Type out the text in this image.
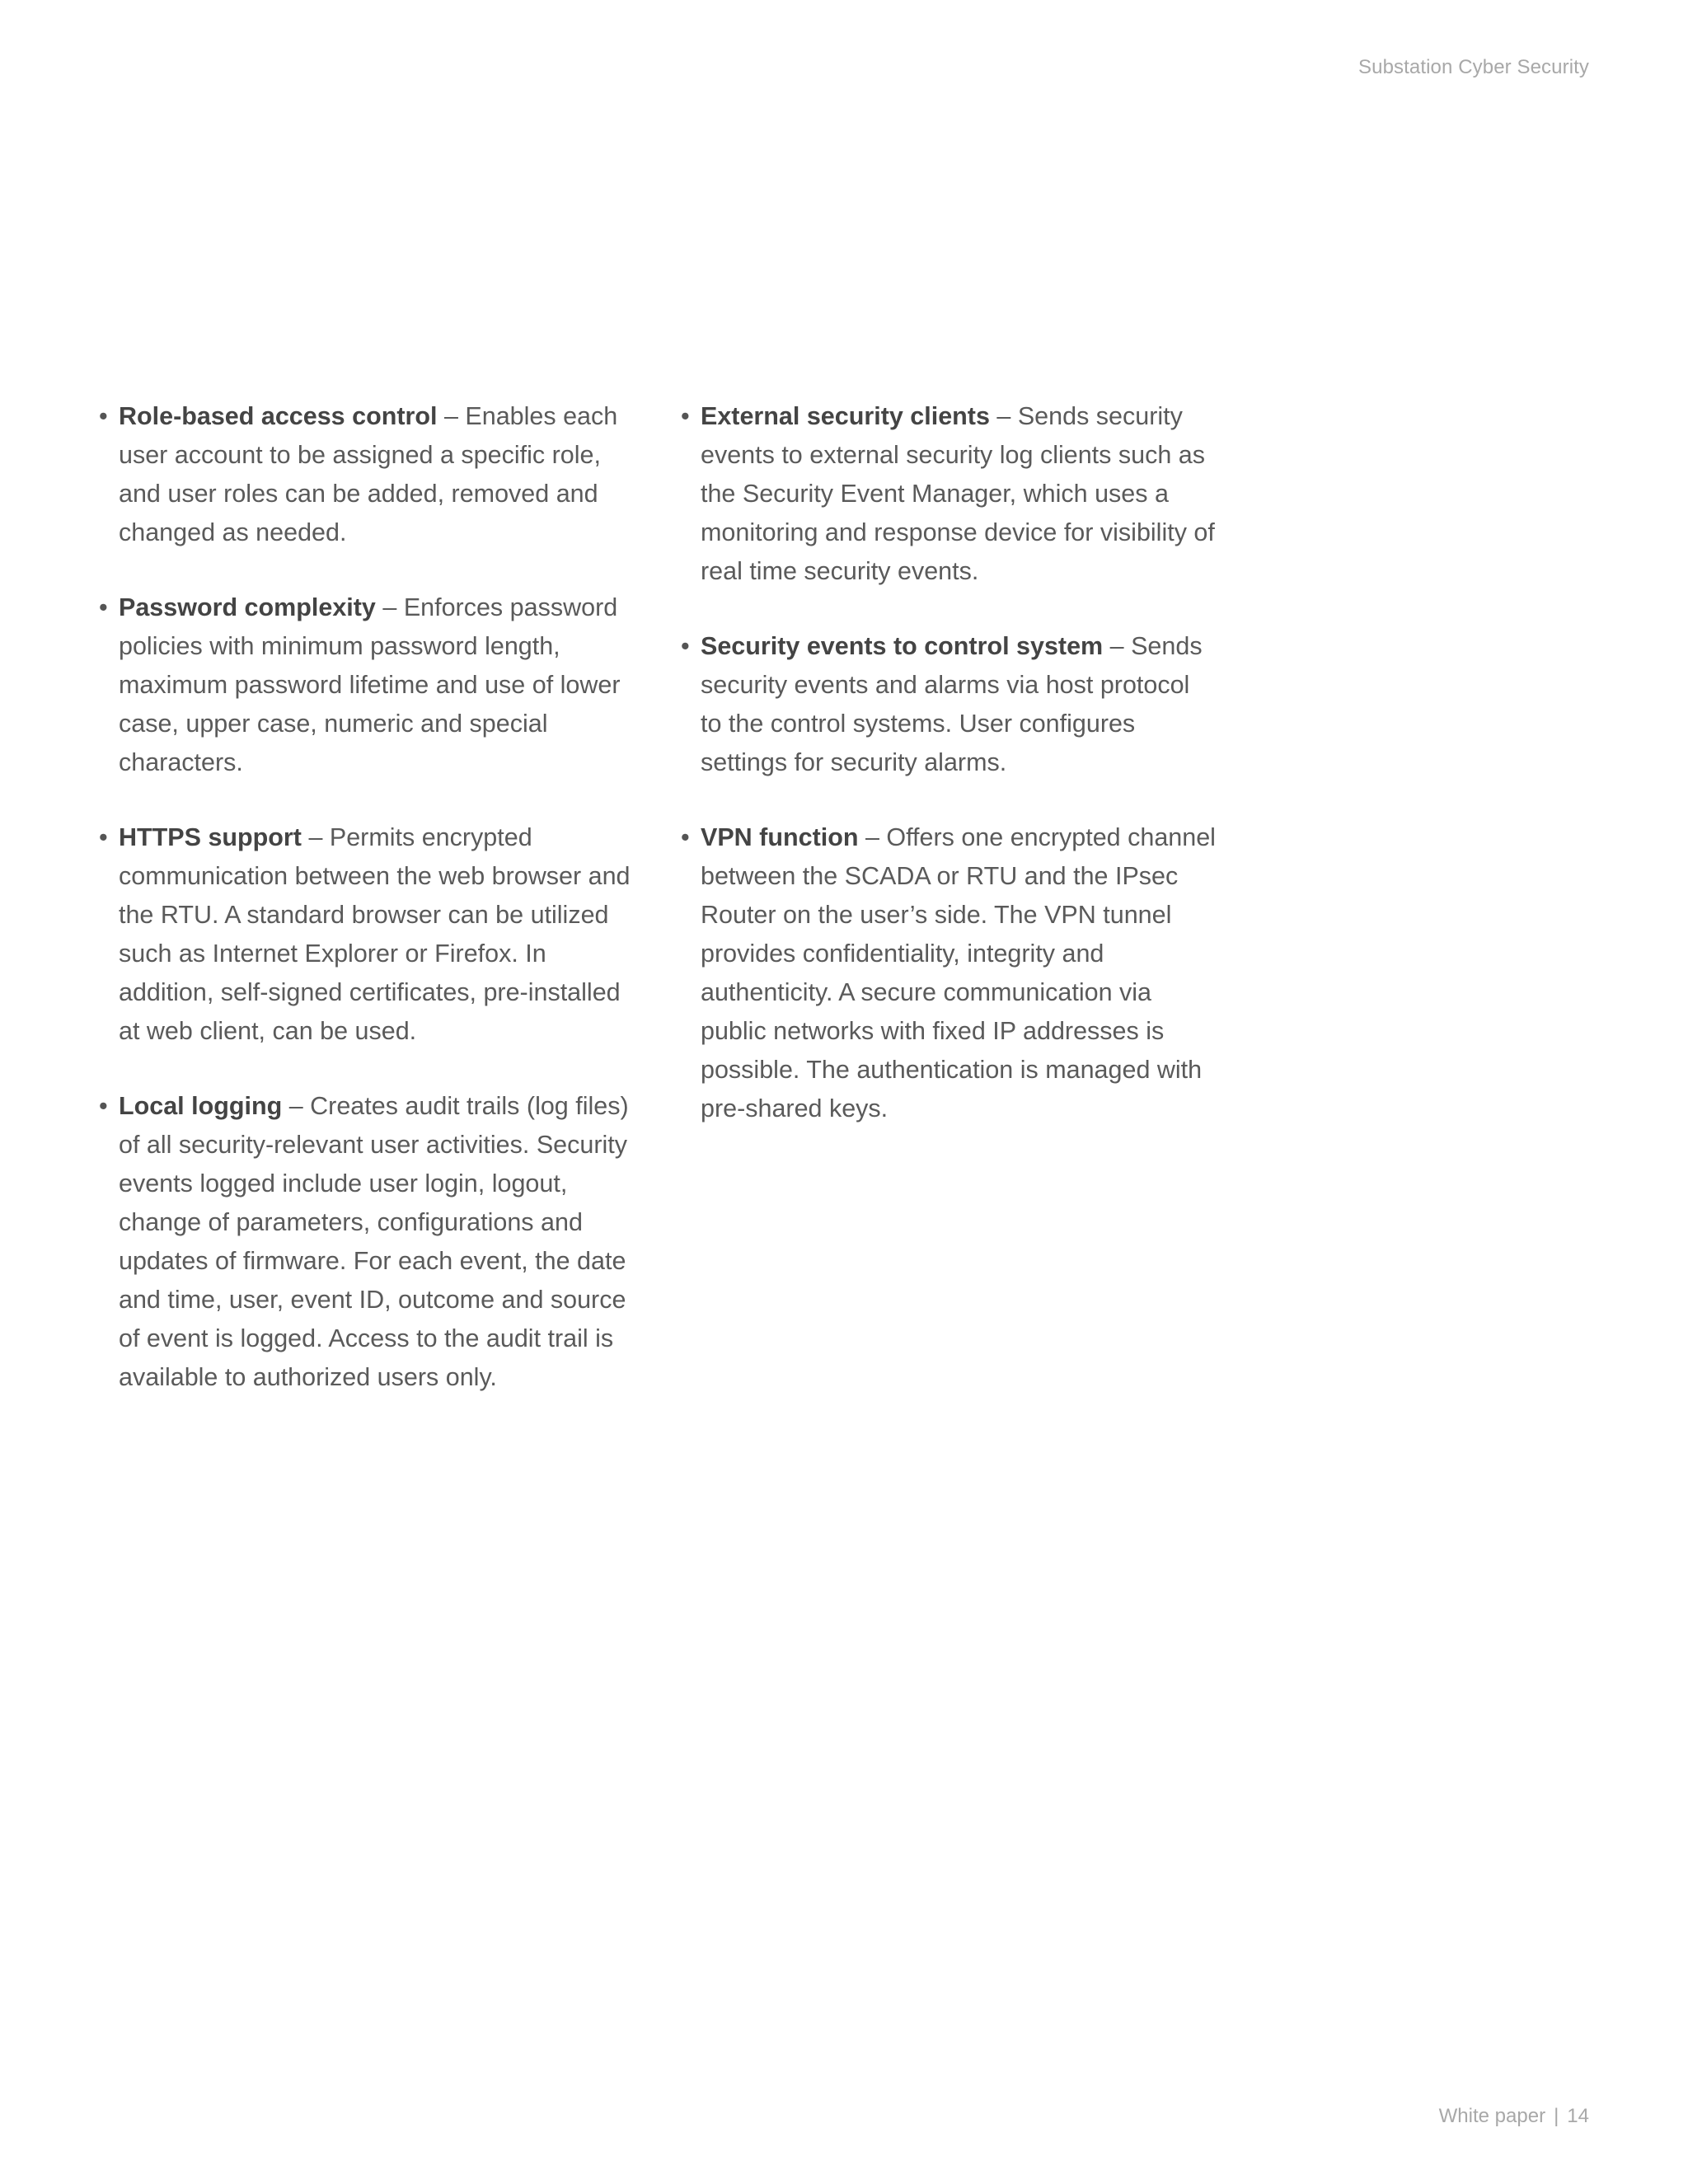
Substation Cyber Security
• Role-based access control – Enables each user account to be assigned a specific role, and user roles can be added, removed and changed as needed.
• Password complexity – Enforces password policies with minimum password length, maximum password lifetime and use of lower case, upper case, numeric and special characters.
• HTTPS support – Permits encrypted communication between the web browser and the RTU. A standard browser can be utilized such as Internet Explorer or Firefox. In addition, self-signed certificates, pre-installed at web client, can be used.
• Local logging – Creates audit trails (log files) of all security-relevant user activities. Security events logged include user login, logout, change of parameters, configurations and updates of firmware. For each event, the date and time, user, event ID, outcome and source of event is logged. Access to the audit trail is available to authorized users only.
• External security clients – Sends security events to external security log clients such as the Security Event Manager, which uses a monitoring and response device for visibility of real time security events.
• Security events to control system – Sends security events and alarms via host protocol to the control systems. User configures settings for security alarms.
• VPN function – Offers one encrypted channel between the SCADA or RTU and the IPsec Router on the user’s side. The VPN tunnel provides confidentiality, integrity and authenticity. A secure communication via public networks with fixed IP addresses is possible. The authentication is managed with pre-shared keys.
White paper | 14
